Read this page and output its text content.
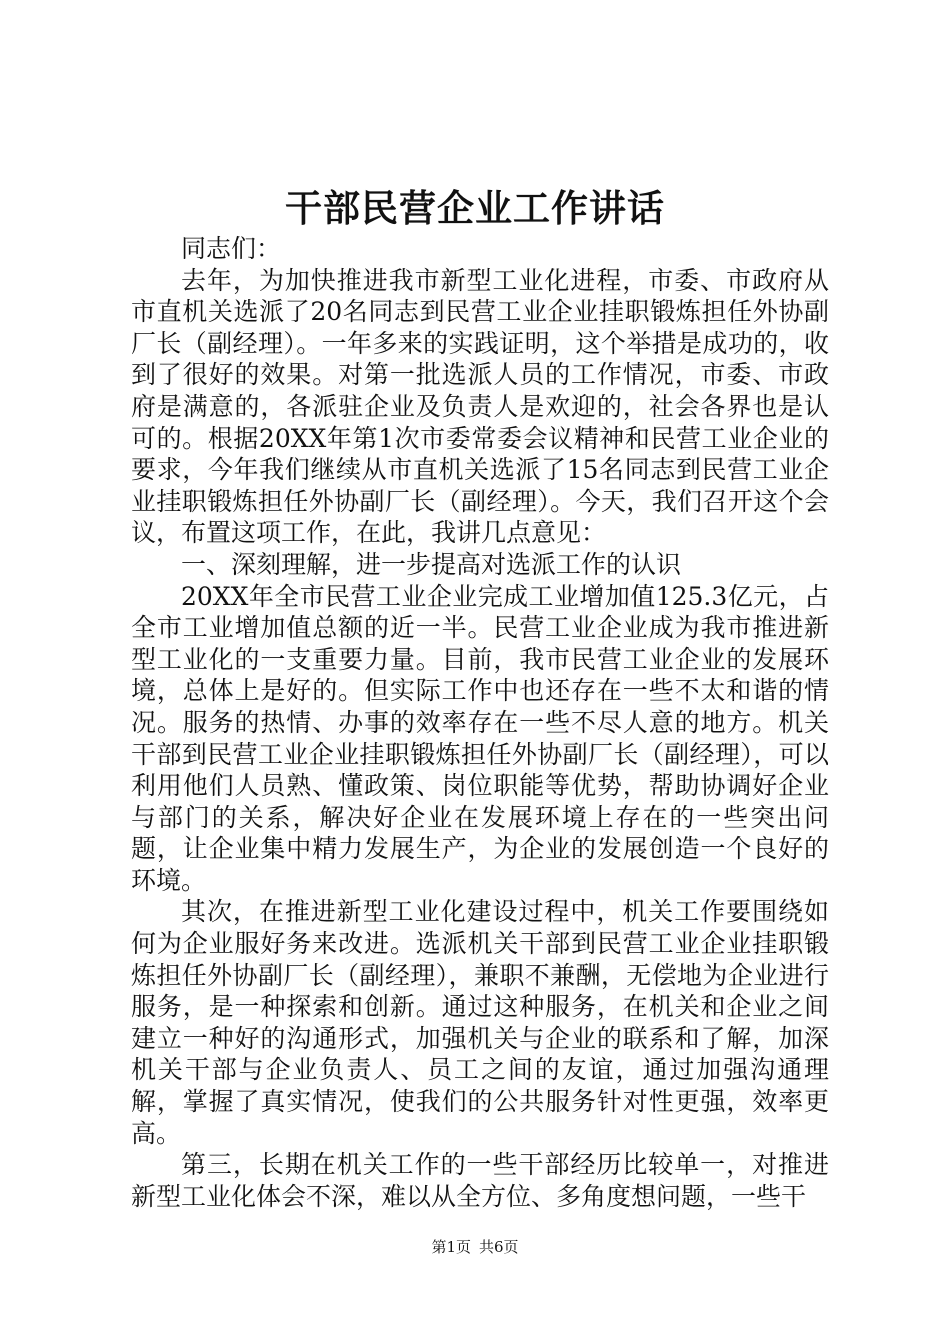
干部民营企业工作讲话

同志们：

去年，为加快推进我市新型工业化进程，市委、市政府从市直机关选派了20名同志到民营工业企业挂职锻炼担任外协副厂长（副经理）。一年多来的实践证明，这个举措是成功的，收到了很好的效果。对第一批选派人员的工作情况，市委、市政府是满意的，各派驻企业及负责人是欢迎的，社会各界也是认可的。根据20XX年第1次市委常委会议精神和民营工业企业的要求，今年我们继续从市直机关选派了15名同志到民营工业企业挂职锻炼担任外协副厂长（副经理）。今天，我们召开这个会议，布置这项工作，在此，我讲几点意见：

一、深刻理解，进一步提高对选派工作的认识

20XX年全市民营工业企业完成工业增加值125.3亿元，占全市工业增加值总额的近一半。民营工业企业成为我市推进新型工业化的一支重要力量。目前，我市民营工业企业的发展环境，总体上是好的。但实际工作中也还存在一些不太和谐的情况。服务的热情、办事的效率存在一些不尽人意的地方。机关干部到民营工业企业挂职锻炼担任外协副厂长（副经理），可以利用他们人员熟、懂政策、岗位职能等优势，帮助协调好企业与部门的关系，解决好企业在发展环境上存在的一些突出问题，让企业集中精力发展生产，为企业的发展创造一个良好的环境。

其次，在推进新型工业化建设过程中，机关工作要围绕如何为企业服好务来改进。选派机关干部到民营工业企业挂职锻炼担任外协副厂长（副经理），兼职不兼酬，无偿地为企业进行服务，是一种探索和创新。通过这种服务，在机关和企业之间建立一种好的沟通形式，加强机关与企业的联系和了解，加深机关干部与企业负责人、员工之间的友谊，通过加强沟通理解，掌握了真实情况，使我们的公共服务针对性更强，效率更高。

第三，长期在机关工作的一些干部经历比较单一，对推进新型工业化体会不深，难以从全方位、多角度想问题，一些干

第1页 共6页
